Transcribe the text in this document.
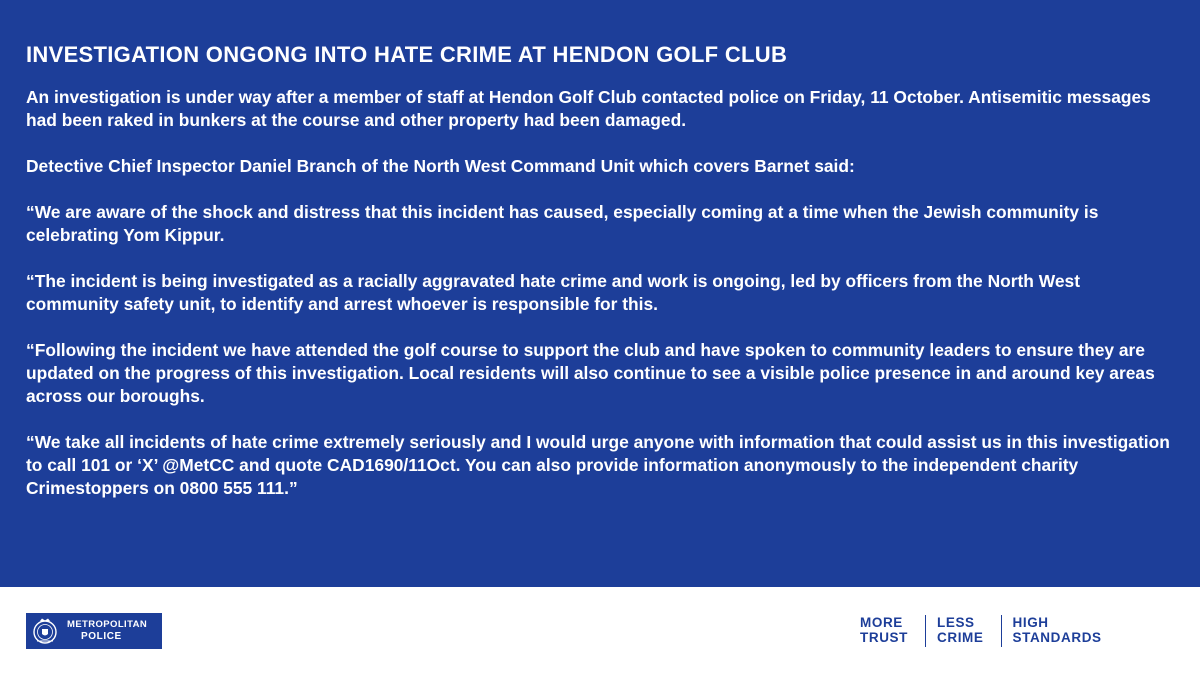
INVESTIGATION ONGONG INTO HATE CRIME AT HENDON GOLF CLUB

An investigation is under way after a member of staff at Hendon Golf Club contacted police on Friday, 11 October. Antisemitic messages had been raked in bunkers at the course and other property had been damaged.

Detective Chief Inspector Daniel Branch of the North West Command Unit which covers Barnet said:

“We are aware of the shock and distress that this incident has caused, especially coming at a time when the Jewish community is celebrating Yom Kippur.

“The incident is being investigated as a racially aggravated hate crime and work is ongoing, led by officers from the North West community safety unit, to identify and arrest whoever is responsible for this.

“Following the incident we have attended the golf course to support the club and have spoken to community leaders to ensure they are updated on the progress of this investigation. Local residents will also continue to see a visible police presence in and around key areas across our boroughs.

“We take all incidents of hate crime extremely seriously and I would urge anyone with information that could assist us in this investigation to call 101 or ‘X’ @MetCC and quote CAD1690/11Oct. You can also provide information anonymously to the independent charity Crimestoppers on 0800 555 111.”

METROPOLITAN
POLICE
MORE
TRUST
LESS
CRIME
HIGH
STANDARDS
